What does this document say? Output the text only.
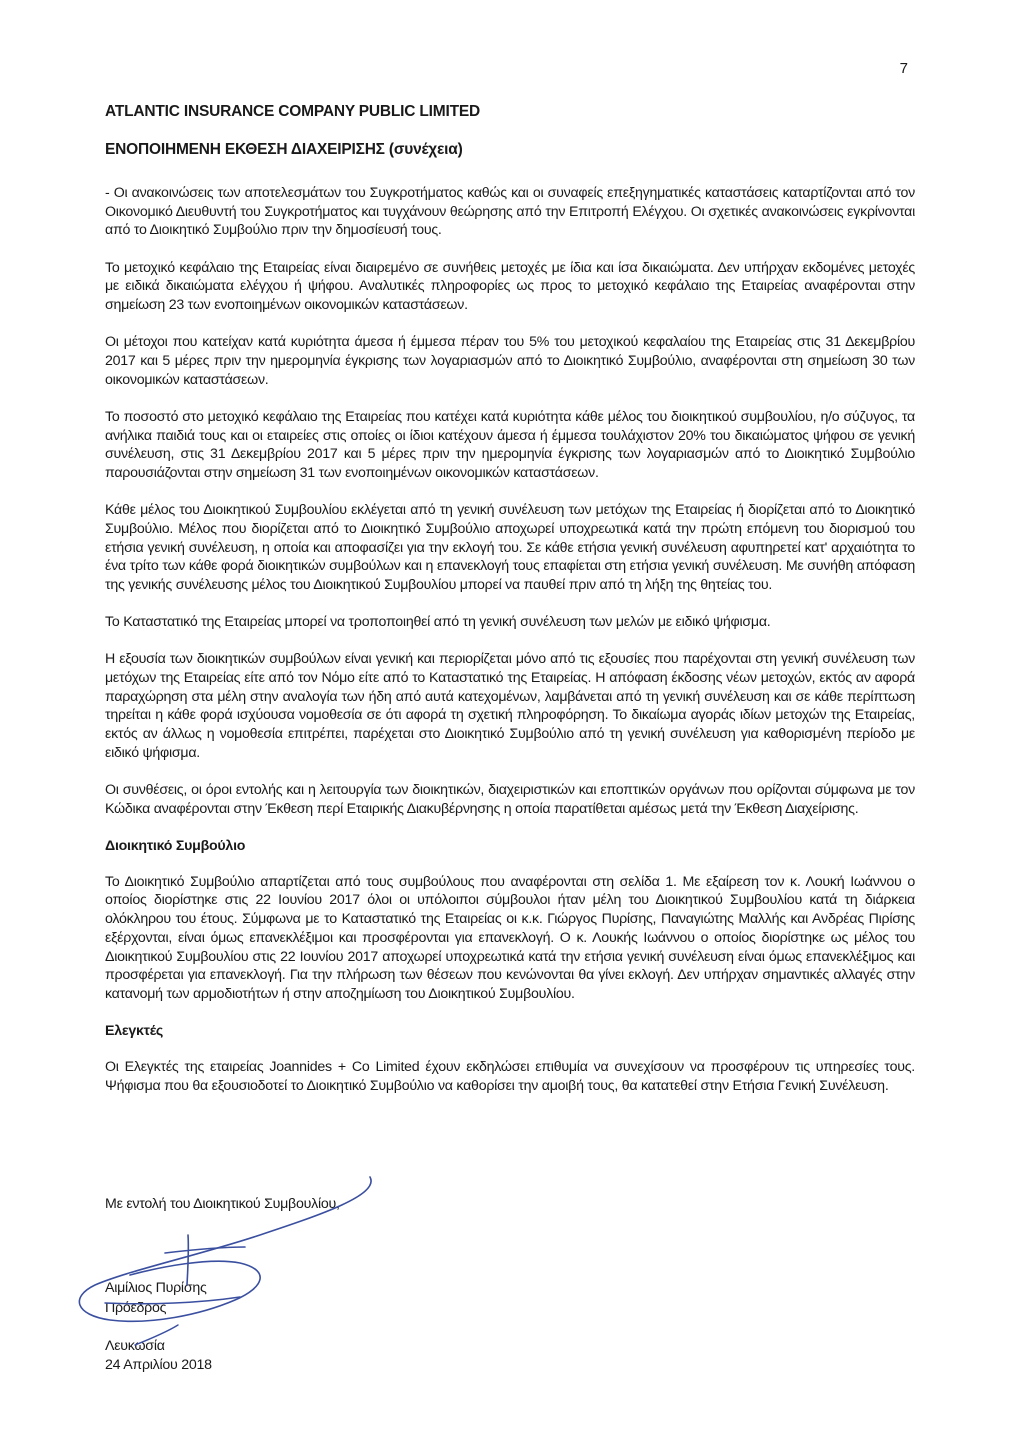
7
ATLANTIC INSURANCE COMPANY PUBLIC LIMITED
ΕΝΟΠΟΙΗΜΕΝΗ ΕΚΘΕΣΗ ΔΙΑΧΕΙΡΙΣΗΣ (συνέχεια)

- Οι ανακοινώσεις των αποτελεσμάτων του Συγκροτήματος καθώς και οι συναφείς επεξηγηματικές καταστάσεις καταρτίζονται από τον Οικονομικό Διευθυντή του Συγκροτήματος και τυγχάνουν θεώρησης από την Επιτροπή Ελέγχου. Οι σχετικές ανακοινώσεις εγκρίνονται από το Διοικητικό Συμβούλιο πριν την δημοσίευσή τους.

Το μετοχικό κεφάλαιο της Εταιρείας είναι διαιρεμένο σε συνήθεις μετοχές με ίδια και ίσα δικαιώματα. Δεν υπήρχαν εκδομένες μετοχές με ειδικά δικαιώματα ελέγχου ή ψήφου. Αναλυτικές πληροφορίες ως προς το μετοχικό κεφάλαιο της Εταιρείας αναφέρονται στην σημείωση 23 των ενοποιημένων οικονομικών καταστάσεων.

Οι μέτοχοι που κατείχαν κατά κυριότητα άμεσα ή έμμεσα πέραν του 5% του μετοχικού κεφαλαίου της Εταιρείας στις 31 Δεκεμβρίου 2017 και 5 μέρες πριν την ημερομηνία έγκρισης των λογαριασμών από το Διοικητικό Συμβούλιο, αναφέρονται στη σημείωση 30 των οικονομικών καταστάσεων.

Το ποσοστό στο μετοχικό κεφάλαιο της Εταιρείας που κατέχει κατά κυριότητα κάθε μέλος του διοικητικού συμβουλίου, η/ο σύζυγος, τα ανήλικα παιδιά τους και οι εταιρείες στις οποίες οι ίδιοι κατέχουν άμεσα ή έμμεσα τουλάχιστον 20% του δικαιώματος ψήφου σε γενική συνέλευση, στις 31 Δεκεμβρίου 2017 και 5 μέρες πριν την ημερομηνία έγκρισης των λογαριασμών από το Διοικητικό Συμβούλιο παρουσιάζονται στην σημείωση 31 των ενοποιημένων οικονομικών καταστάσεων.

Κάθε μέλος του Διοικητικού Συμβουλίου εκλέγεται από τη γενική συνέλευση των μετόχων της Εταιρείας ή διορίζεται από το Διοικητικό Συμβούλιο. Μέλος που διορίζεται από το Διοικητικό Συμβούλιο αποχωρεί υποχρεωτικά κατά την πρώτη επόμενη του διορισμού του ετήσια γενική συνέλευση, η οποία και αποφασίζει για την εκλογή του. Σε κάθε ετήσια γενική συνέλευση αφυπηρετεί κατ' αρχαιότητα το ένα τρίτο των κάθε φορά διοικητικών συμβούλων και η επανεκλογή τους επαφίεται στη ετήσια γενική συνέλευση. Με συνήθη απόφαση της γενικής συνέλευσης μέλος του Διοικητικού Συμβουλίου μπορεί να παυθεί πριν από τη λήξη της θητείας του.

Το Καταστατικό της Εταιρείας μπορεί να τροποποιηθεί από τη γενική συνέλευση των μελών με ειδικό ψήφισμα.

Η εξουσία των διοικητικών συμβούλων είναι γενική και περιορίζεται μόνο από τις εξουσίες που παρέχονται στη γενική συνέλευση των μετόχων της Εταιρείας είτε από τον Νόμο είτε από το Καταστατικό της Εταιρείας. Η απόφαση έκδοσης νέων μετοχών, εκτός αν αφορά παραχώρηση στα μέλη στην αναλογία των ήδη από αυτά κατεχομένων, λαμβάνεται από τη γενική συνέλευση και σε κάθε περίπτωση τηρείται η κάθε φορά ισχύουσα νομοθεσία σε ότι αφορά τη σχετική πληροφόρηση. Το δικαίωμα αγοράς ιδίων μετοχών της Εταιρείας, εκτός αν άλλως η νομοθεσία επιτρέπει, παρέχεται στο Διοικητικό Συμβούλιο από τη γενική συνέλευση για καθορισμένη περίοδο με ειδικό ψήφισμα.

Οι συνθέσεις, οι όροι εντολής και η λειτουργία των διοικητικών, διαχειριστικών και εποπτικών οργάνων που ορίζονται σύμφωνα με τον Κώδικα αναφέρονται στην Έκθεση περί Εταιρικής Διακυβέρνησης η οποία παρατίθεται αμέσως μετά την Έκθεση Διαχείρισης.

Διοικητικό Συμβούλιο

Το Διοικητικό Συμβούλιο απαρτίζεται από τους συμβούλους που αναφέρονται στη σελίδα 1. Με εξαίρεση τον κ. Λουκή Ιωάννου ο οποίος διορίστηκε στις 22 Ιουνίου 2017 όλοι οι υπόλοιποι σύμβουλοι ήταν μέλη του Διοικητικού Συμβουλίου κατά τη διάρκεια ολόκληρου του έτους. Σύμφωνα με το Καταστατικό της Εταιρείας οι κ.κ. Γιώργος Πυρίσης, Παναγιώτης Μαλλής και Ανδρέας Πιρίσης εξέρχονται, είναι όμως επανεκλέξιμοι και προσφέρονται για επανεκλογή. Ο κ. Λουκής Ιωάννου ο οποίος διορίστηκε ως μέλος του Διοικητικού Συμβουλίου στις 22 Ιουνίου 2017 αποχωρεί υποχρεωτικά κατά την ετήσια γενική συνέλευση είναι όμως επανεκλέξιμος και προσφέρεται για επανεκλογή. Για την πλήρωση των θέσεων που κενώνονται θα γίνει εκλογή. Δεν υπήρχαν σημαντικές αλλαγές στην κατανομή των αρμοδιοτήτων ή στην αποζημίωση του Διοικητικού Συμβουλίου.

Ελεγκτές

Οι Ελεγκτές της εταιρείας Joannides + Co Limited έχουν εκδηλώσει επιθυμία να συνεχίσουν να προσφέρουν τις υπηρεσίες τους. Ψήφισμα που θα εξουσιοδοτεί το Διοικητικό Συμβούλιο να καθορίσει την αμοιβή τους, θα κατατεθεί στην Ετήσια Γενική Συνέλευση.

Με εντολή του Διοικητικού Συμβουλίου,
Αιμίλιος Πυρίσης
Πρόεδρος
Λευκωσία
24 Απριλίου 2018
